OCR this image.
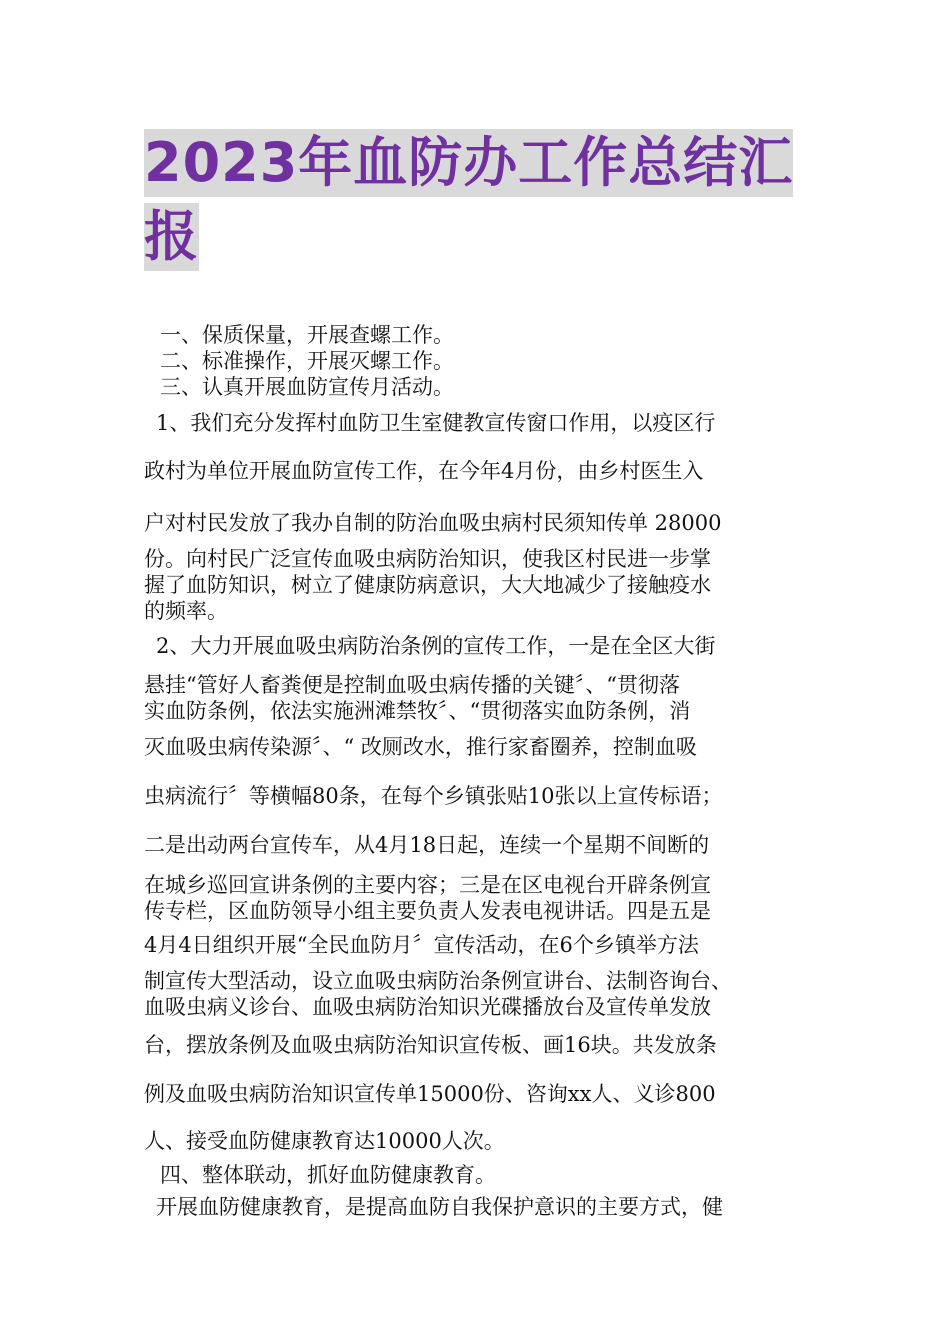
2023年血防办工作总结汇
报
一、保质保量，开展查螺工作。
二、标准操作，开展灭螺工作。
三、认真开展血防宣传月活动。
1、我们充分发挥村血防卫生室健教宣传窗口作用，以疫区行
政村为单位开展血防宣传工作，在今年4月份，由乡村医生入
户对村民发放了我办自制的防治血吸虫病村民须知传单 28000
份。向村民广泛宣传血吸虫病防治知识，使我区村民进一步掌
握了血防知识，树立了健康防病意识，大大地减少了接触疫水
的频率。
2、大力开展血吸虫病防治条例的宣传工作，一是在全区大街
悬挂“管好人畜粪便是控制血吸虫病传播的关键〞、“贯彻落
实血防条例，依法实施洲滩禁牧〞、“贯彻落实血防条例，消
灭血吸虫病传染源〞、“ 改厕改水，推行家畜圈养，控制血吸
虫病流行〞等横幅80条，在每个乡镇张贴10张以上宣传标语；
二是出动两台宣传车，从4月18日起，连续一个星期不间断的
在城乡巡回宣讲条例的主要内容；三是在区电视台开辟条例宣
传专栏，区血防领导小组主要负责人发表电视讲话。四是五是
4月4日组织开展“全民血防月〞宣传活动，在6个乡镇举方法
制宣传大型活动，设立血吸虫病防治条例宣讲台、法制咨询台、
血吸虫病义诊台、血吸虫病防治知识光碟播放台及宣传单发放
台，摆放条例及血吸虫病防治知识宣传板、画16块。共发放条
例及血吸虫病防治知识宣传单15000份、咨询xx人、义诊800
人、接受血防健康教育达10000人次。
四、整体联动，抓好血防健康教育。
开展血防健康教育，是提高血防自我保护意识的主要方式，健
